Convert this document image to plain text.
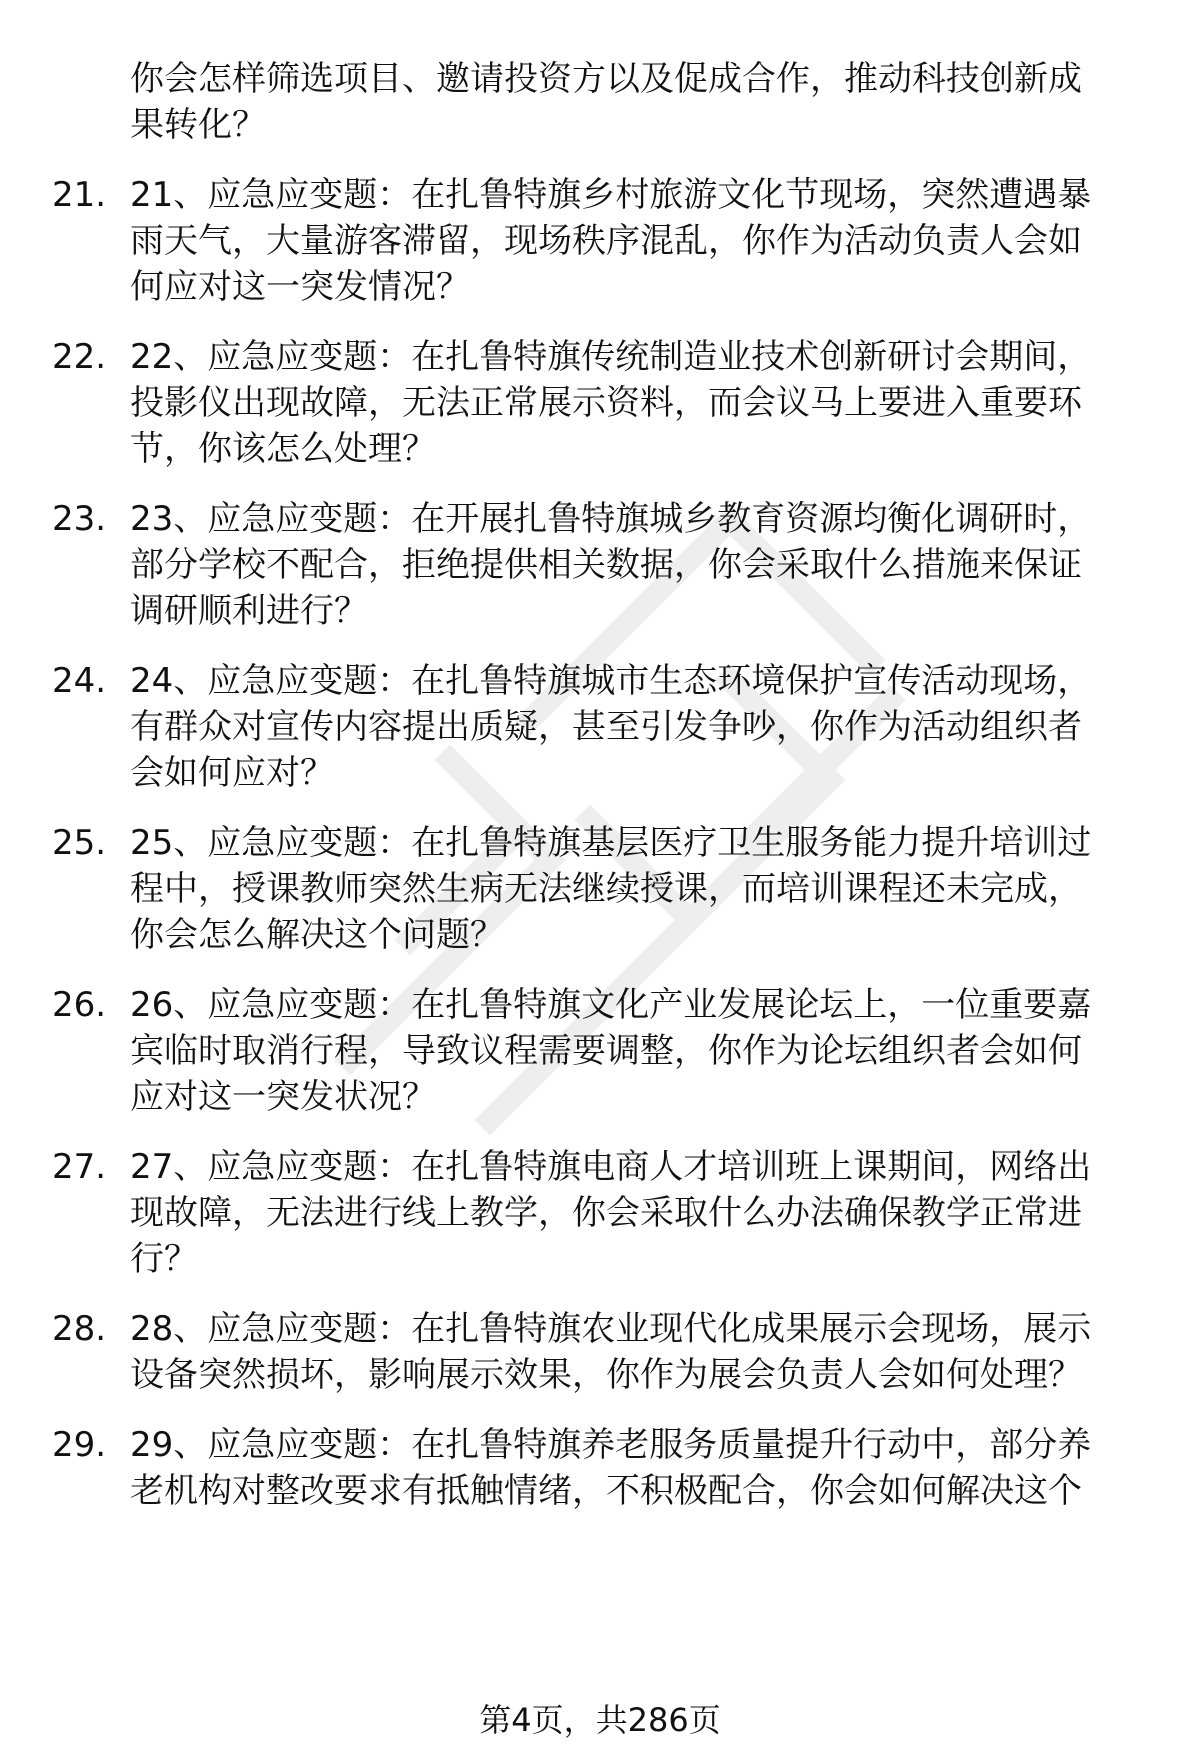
你会怎样筛选项目、邀请投资方以及促成合作，推动科技创新成
果转化？
21. 21、应急应变题：在扎鲁特旗乡村旅游文化节现场，突然遭遇暴
雨天气，大量游客滞留，现场秩序混乱，你作为活动负责人会如
何应对这一突发情况？
22. 22、应急应变题：在扎鲁特旗传统制造业技术创新研讨会期间，
投影仪出现故障，无法正常展示资料，而会议马上要进入重要环
节，你该怎么处理？
23. 23、应急应变题：在开展扎鲁特旗城乡教育资源均衡化调研时，
部分学校不配合，拒绝提供相关数据，你会采取什么措施来保证
调研顺利进行？
24. 24、应急应变题：在扎鲁特旗城市生态环境保护宣传活动现场，
有群众对宣传内容提出质疑，甚至引发争吵，你作为活动组织者
会如何应对？
25. 25、应急应变题：在扎鲁特旗基层医疗卫生服务能力提升培训过
程中，授课教师突然生病无法继续授课，而培训课程还未完成，
你会怎么解决这个问题？
26. 26、应急应变题：在扎鲁特旗文化产业发展论坛上，一位重要嘉
宾临时取消行程，导致议程需要调整，你作为论坛组织者会如何
应对这一突发状况？
27. 27、应急应变题：在扎鲁特旗电商人才培训班上课期间，网络出
现故障，无法进行线上教学，你会采取什么办法确保教学正常进
行？
28. 28、应急应变题：在扎鲁特旗农业现代化成果展示会现场，展示
设备突然损坏，影响展示效果，你作为展会负责人会如何处理？
29. 29、应急应变题：在扎鲁特旗养老服务质量提升行动中，部分养
老机构对整改要求有抵触情绪，不积极配合，你会如何解决这个
第4页，共286页
